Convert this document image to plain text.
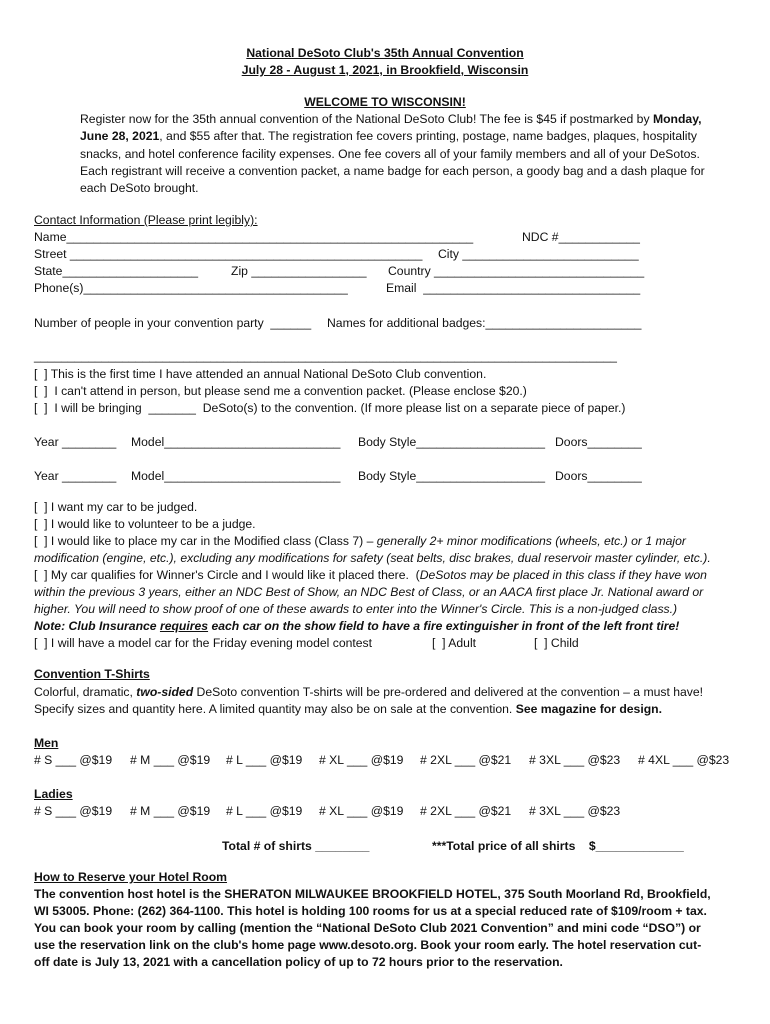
National DeSoto Club's 35th Annual Convention
July 28 - August 1, 2021, in Brookfield, Wisconsin
WELCOME TO WISCONSIN!
Register now for the 35th annual convention of the National DeSoto Club! The fee is $45 if postmarked by Monday,
June 28, 2021, and $55 after that. The registration fee covers printing, postage, name badges, plaques, hospitality
snacks, and hotel conference facility expenses. One fee covers all of your family members and all of your DeSotos.
Each registrant will receive a convention packet, a name badge for each person, a goody bag and a dash plaque for
each DeSoto brought.
Contact Information (Please print legibly):
Name____________________________________________________________	NDC #____________
Street ____________________________________________________ City __________________________
State____________________	Zip _________________ Country _______________________________
Phone(s)_______________________________________	Email  ________________________________
Number of people in your convention party  ______ Names for additional badges:_______________________
______________________________________________________________________________________
[  ] This is the first time I have attended an annual National DeSoto Club convention.
[  ]  I can't attend in person, but please send me a convention packet. (Please enclose $20.)
[  ]  I will be bringing  _______  DeSoto(s) to the convention. (If more please list on a separate piece of paper.)
Year ________ Model__________________________ Body Style___________________ Doors________
Year ________ Model__________________________ Body Style___________________ Doors________
[  ] I want my car to be judged.
[  ] I would like to volunteer to be a judge.
[  ] I would like to place my car in the Modified class (Class 7) – generally 2+ minor modifications (wheels, etc.) or 1 major
modification (engine, etc.), excluding any modifications for safety (seat belts, disc brakes, dual reservoir master cylinder, etc.).
[  ] My car qualifies for Winner's Circle and I would like it placed there.  (DeSotos may be placed in this class if they have won
within the previous 3 years, either an NDC Best of Show, an NDC Best of Class, or an AACA first place Jr. National award or
higher. You will need to show proof of one of these awards to enter into the Winner's Circle. This is a non-judged class.)
Note: Club Insurance requires each car on the show field to have a fire extinguisher in front of the left front tire!
[  ] I will have a model car for the Friday evening model contest	[  ] Adult	[  ] Child
Convention T-Shirts
Colorful, dramatic, two-sided DeSoto convention T-shirts will be pre-ordered and delivered at the convention – a must have!
Specify sizes and quantity here. A limited quantity may also be on sale at the convention. See magazine for design.
Men
# S ___ @$19 # M ___ @$19 # L ___ @$19 # XL ___ @$19 # 2XL ___ @$21 # 3XL ___ @$23 # 4XL ___ @$23
Ladies
# S ___ @$19 # M ___ @$19 # L ___ @$19 # XL ___ @$19 # 2XL ___ @$21 # 3XL ___ @$23
Total # of shirts ________	***Total price of all shirts    $_____________
How to Reserve your Hotel Room
The convention host hotel is the SHERATON MILWAUKEE BROOKFIELD HOTEL, 375 South Moorland Rd, Brookfield,
WI 53005. Phone: (262) 364-1100. This hotel is holding 100 rooms for us at a special reduced rate of $109/room + tax.
You can book your room by calling (mention the “National DeSoto Club 2021 Convention” and mini code “DSO”) or
use the reservation link on the club's home page www.desoto.org. Book your room early. The hotel reservation cut-
off date is July 13, 2021 with a cancellation policy of up to 72 hours prior to the reservation.
